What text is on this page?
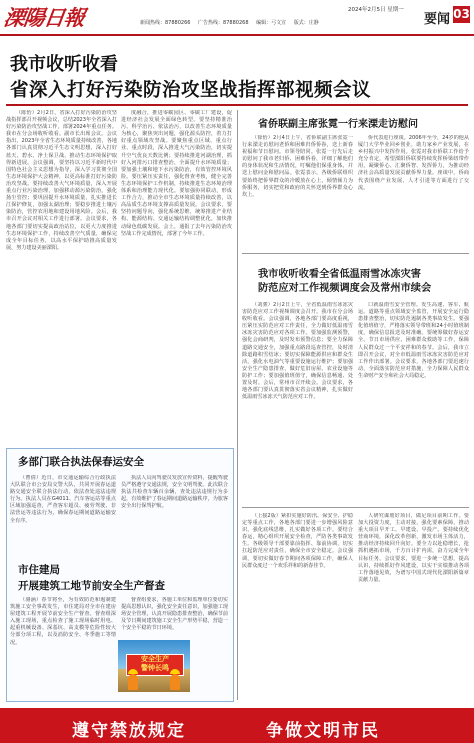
溧陽日報	新闻热线：87880266 广告热线：87880268 编辑：弓文宣 版式：庄静
2024年2月5日 星期一
要闻 03
我市收听收看
省深入打好污染防治攻坚战指挥部视频会议

（陈怡）2月2日，省深入打好污染防治攻坚战指挥部召开视频会议，总结2023年全省深入打好污染防治攻坚战工作，部署2024年重点任务。我市在分会场收听收看。副市长出席会议。会议指出，2023年全省生态环境质量持续改善，各地各部门认真贯彻习近平生态文明思想，深入打好蓝天、碧水、净土保卫战，推动生态环境保护取得新进展。会议强调，要坚持以习近平新时代中国特色社会主义思想为指导，深入学习贯彻全国生态环境保护大会精神，以更高标准打好污染防治攻坚战。要持续改善大气环境质量，深入开展重点行业污染治理，加强移动源污染防治，强化扬尘管控；要巩固提升水环境质量，扎实推进长江保护修复，加强太湖治理；要稳步推进土壤污染防治，管控农用地和建设用地风险。会后，我市召开会议对相关工作进行部署。会议要求，各地各部门要切实提高政治站位，以更大力度推进生态环境保护工作，持续改善空气质量，确保完成全年目标任务，以高水平保护助推高质量发展，努力建设美丽溧阳。

度融合，推进零碳园区、零碳工厂建设，促进经济社会发展全面绿色转型。要坚持精准治污、科学治污、依法治污，以改善生态环境质量为核心，聚焦突出问题，强化源头防控，着力打好重点领域攻坚战。要聚焦重点区域、重点行业、重点时段，深入推进大气污染防治，切实提升空气优良天数比例；要持续推进河湖治理，抓好入河排污口排查整治，全面提升水环境质量；要加强土壤和地下水污染防治，有效管控环境风险。要压紧压实责任，强化督查考核，健全完善生态环境保护工作机制，持续推进生态环境治理体系和治理能力现代化。要加强协同联动，形成工作合力，推动全市生态环境质量持续改善，以高品质生态环境支撑高质量发展。会议要求，要坚持问题导向，强化系统思维，统筹推进产业结构、能源结构、交通运输结构调整优化，加快推动绿色低碳发展。会上，通报了去年污染防治攻坚战工作完成情况，部署了今年工作。

省侨联副主席张霓一行来溧走访慰问

（徐怡）2月4日上午，省侨联副主席张霓一行来溧走访慰问老侨和困难归侨侨眷，送上新春祝福和节日慰问。市领导陪同。张霓一行先后走访慰问了我市老归侨、困难侨眷，详细了解他们的身体状况和生活情况，叮嘱他们保重身体，并送上慰问金和慰问品。张霓表示，各级侨联组织要始终把侨界群众的冷暖放在心上，倾情倾力为侨服务，切实把党和政府的关怀送到侨界群众心坎上。

侨代表进行座谈。2006年至今，24岁的他从厦门大学毕业回乡创业，助力家乡产业发展，在乡村振兴中发挥作用。张霓对我市侨联工作给予充分肯定，希望溧阳侨联要持续发挥桥梁纽带作用，凝聚侨心、汇聚侨智、发挥侨力，为推动经济社会高质量发展贡献侨界力量。座谈中，侨商代表围绕产业发展、人才引进等方面进行了交流。

我市收听收看全省低温雨雪冰冻灾害
防范应对工作视频调度会及常州市续会

（刘骏）2月2日上午，全省低温雨雪冰冻灾害防范应对工作视频调度会召开。我市在分会场收听收看。会议强调，各地各部门要高度重视，压紧压实防范应对工作责任，全力做好低温雨雪冰冻灾害防范应对各项工作。要加强监测预警，强化会商研判，及时发布预警信息；要全力保障道路交通安全，加强重点路段巡查管控，及时清除道路积雪结冰；要切实保障能源供应和群众生活，强化水电油气等重要设施运行维护；要加强安全生产隐患排查，做好危旧房屋、农业设施等防护工作；要加强值班值守，确保信息畅通、处置及时。会后，常州市召开续会。会议要求，各地各部门要认真贯彻落实省会议精神，扎实做好低温雨雪冰冻天气防范应对工作。

口就温雨雪安全管理。发生高速、客车、航运、道路等重点领域安全监管，开展安全运行隐患排查整治，切实防范遏制各类事故发生。要强化值班值守，严格落实领导带班和24小时值班制度，确保信息报送及时准确。要统筹做好春运安全、节日市场供应、困难群众救助等工作，保障人民群众过一个平安祥和的春节。会后，我市立即召开会议，对全市低温雨雪冰冻灾害防范应对工作作出部署。会议要求，各地各部门要迅速行动，全面落实防范应对措施，全力保障人民群众生命财产安全和社会大局稳定。

（上接2版）紧扣实施好防汛、保安全、护稳定等重点工作，各地各部门要进一步增强风险意识，强化底线思维，扎实做好各项工作。要结合春运，精心组织开展安全检查，严防各类事故发生。各级领导干部要靠前指挥、靠前协调，切实扛起防范应对责任，确保全市安全稳定。会议强调，要切实做好春节期间各项保障工作，确保人民群众度过一个欢乐祥和的新春佳节。

人研究谋划好项目，做足项目前期工作。要加大投资力度，主动对接，强化要素保障，推动重大项目早开工、早建设、早投产。要持续优化营商环境，深化改革创新，激发市场主体活力，推动经济持续回升向好。要全力以赴稳增长，抢抓机遇拓市场，千方百计扩内需，奋力完成全年目标任务。会议要求，要进一步统一思想，提高认识，持续抓好作风建设，以实干实绩推动各项工作落地见效，为谱写中国式现代化溧阳新篇章贡献力量。

多部门联合执法保春运安全

（曹倩）近日，市交通运输综合行政执法大队联合市公安局交警大队，共同开展春运道路交通安全联合执法行动，依法查处违法违规行为。执法人员在G4011、汽车客运站等重点区域加强巡查，严查客车超员、疲劳驾驶、非法营运等违法行为，确保春运期间道路运输安全有序。

执法人员向驾驶员发放宣传资料，提醒驾驶员严格遵守交通法规，安全文明驾驶。此次联合执法共检查车辆百余辆，查处违法违规行为多起，有效维护了春运期间道路运输秩序，为旅客安全出行保驾护航。

市住建局
开展建筑工地节前安全生产督查

（骆涵）春节将至，为有效防范和遏制建筑施工安全事故发生，市住建局对全市在建房屋建筑工程开展节前安全生产督查。督查组深入施工现场，重点检查了施工现场临时用电、起重机械设备、深基坑、高支模等危险性较大分部分项工程，以及消防安全、冬季施工等情况。

督查组要求，各施工单位和监理单位要切实提高思想认识，强化安全责任意识，加强施工现场安全管理，认真开展隐患排查整治，确保节前及节日期间建筑施工安全生产形势平稳，营造一个安全平稳的节日环境。

安全生产
警钟长鸣
遵守禁放规定	争做文明市民
